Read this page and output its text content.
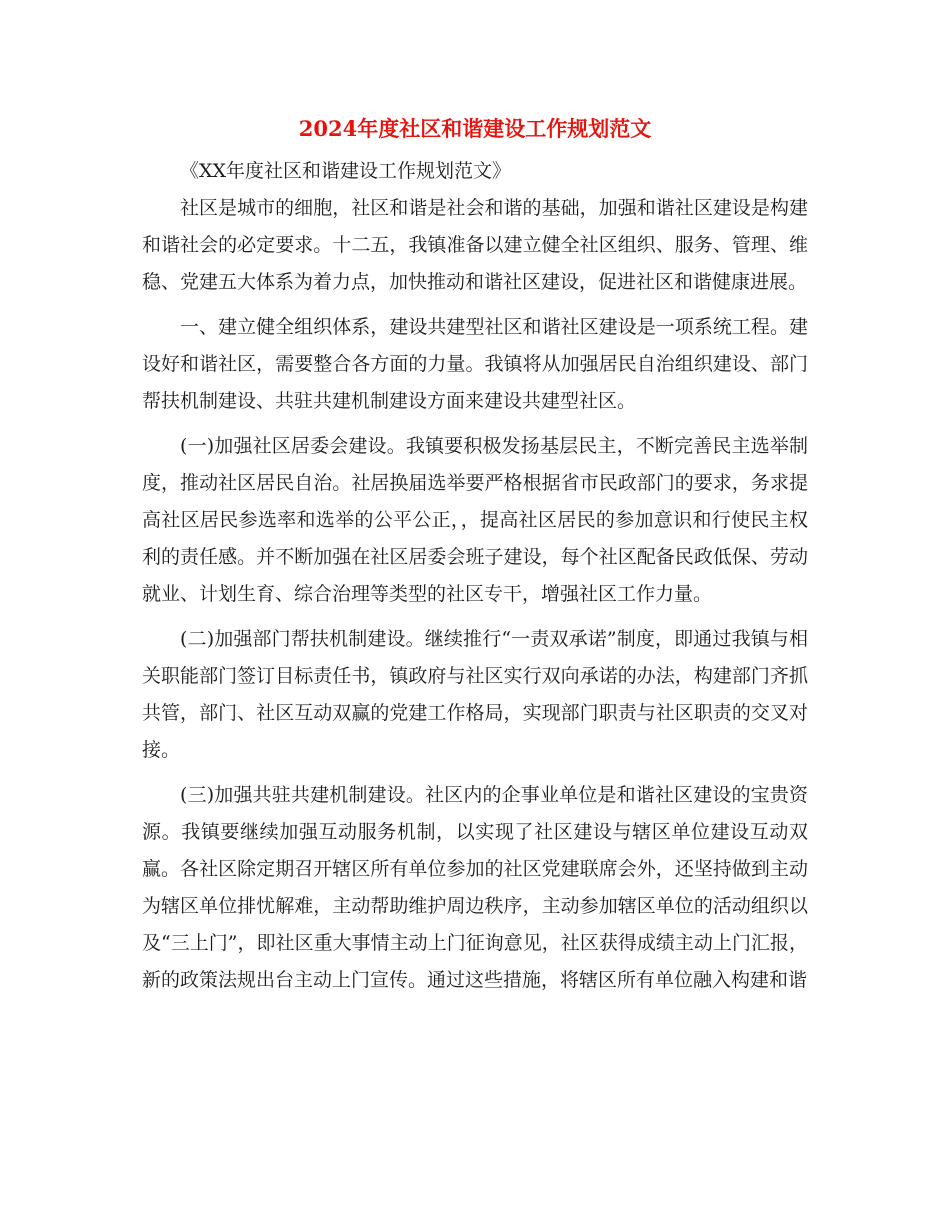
2024年度社区和谐建设工作规划范文

《XX年度社区和谐建设工作规划范文》

社区是城市的细胞，社区和谐是社会和谐的基础，加强和谐社区建设是构建和谐社会的必定要求。十二五，我镇准备以建立健全社区组织、服务、管理、维稳、党建五大体系为着力点，加快推动和谐社区建设，促进社区和谐健康进展。

一、建立健全组织体系，建设共建型社区和谐社区建设是一项系统工程。建设好和谐社区，需要整合各方面的力量。我镇将从加强居民自治组织建设、部门帮扶机制建设、共驻共建机制建设方面来建设共建型社区。

(一)加强社区居委会建设。我镇要积极发扬基层民主，不断完善民主选举制度，推动社区居民自治。社居换届选举要严格根据省市民政部门的要求，务求提高社区居民参选率和选举的公平公正，，提高社区居民的参加意识和行使民主权利的责任感。并不断加强在社区居委会班子建设，每个社区配备民政低保、劳动就业、计划生育、综合治理等类型的社区专干，增强社区工作力量。

(二)加强部门帮扶机制建设。继续推行“一责双承诺”制度，即通过我镇与相关职能部门签订目标责任书，镇政府与社区实行双向承诺的办法，构建部门齐抓共管，部门、社区互动双赢的党建工作格局，实现部门职责与社区职责的交叉对接。

(三)加强共驻共建机制建设。社区内的企事业单位是和谐社区建设的宝贵资源。我镇要继续加强互动服务机制，以实现了社区建设与辖区单位建设互动双赢。各社区除定期召开辖区所有单位参加的社区党建联席会外，还坚持做到主动为辖区单位排忧解难，主动帮助维护周边秩序，主动参加辖区单位的活动组织以及“三上门”，即社区重大事情主动上门征询意见，社区获得成绩主动上门汇报，新的政策法规出台主动上门宣传。通过这些措施，将辖区所有单位融入构建和谐
